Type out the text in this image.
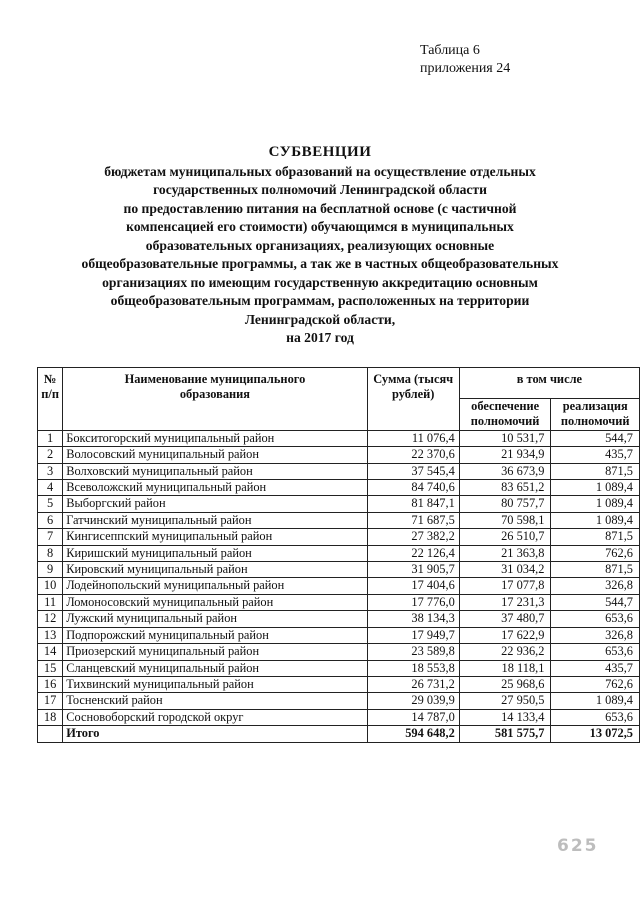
Таблица 6
приложения 24
СУБВЕНЦИИ
бюджетам муниципальных образований на осуществление отдельных
государственных полномочий Ленинградской области
по предоставлению питания на бесплатной основе (с частичной
компенсацией его стоимости) обучающимся в муниципальных
образовательных организациях, реализующих основные
общеобразовательные программы, а так же в частных общеобразовательных
организациях по имеющим государственную аккредитацию основным
общеобразовательным программам, расположенных на территории
Ленинградской области,
на 2017 год
№ п/п	Наименование муниципального образования	Сумма (тысяч рублей)	в том числе	
			обеспечение полномочий	реализация полномочий
1	Бокситогорский муниципальный район	11 076,4	10 531,7	544,7
2	Волосовский муниципальный район	22 370,6	21 934,9	435,7
3	Волховский муниципальный район	37 545,4	36 673,9	871,5
4	Всеволожский муниципальный район	84 740,6	83 651,2	1 089,4
5	Выборгский район	81 847,1	80 757,7	1 089,4
6	Гатчинский муниципальный район	71 687,5	70 598,1	1 089,4
7	Кингисеппский муниципальный район	27 382,2	26 510,7	871,5
8	Киришский муниципальный район	22 126,4	21 363,8	762,6
9	Кировский муниципальный район	31 905,7	31 034,2	871,5
10	Лодейнопольский муниципальный район	17 404,6	17 077,8	326,8
11	Ломоносовский муниципальный район	17 776,0	17 231,3	544,7
12	Лужский муниципальный район	38 134,3	37 480,7	653,6
13	Подпорожский муниципальный район	17 949,7	17 622,9	326,8
14	Приозерский муниципальный район	23 589,8	22 936,2	653,6
15	Сланцевский муниципальный район	18 553,8	18 118,1	435,7
16	Тихвинский муниципальный район	26 731,2	25 968,6	762,6
17	Тосненский район	29 039,9	27 950,5	1 089,4
18	Сосновоборский городской округ	14 787,0	14 133,4	653,6
	Итого	594 648,2	581 575,7	13 072,5
625
